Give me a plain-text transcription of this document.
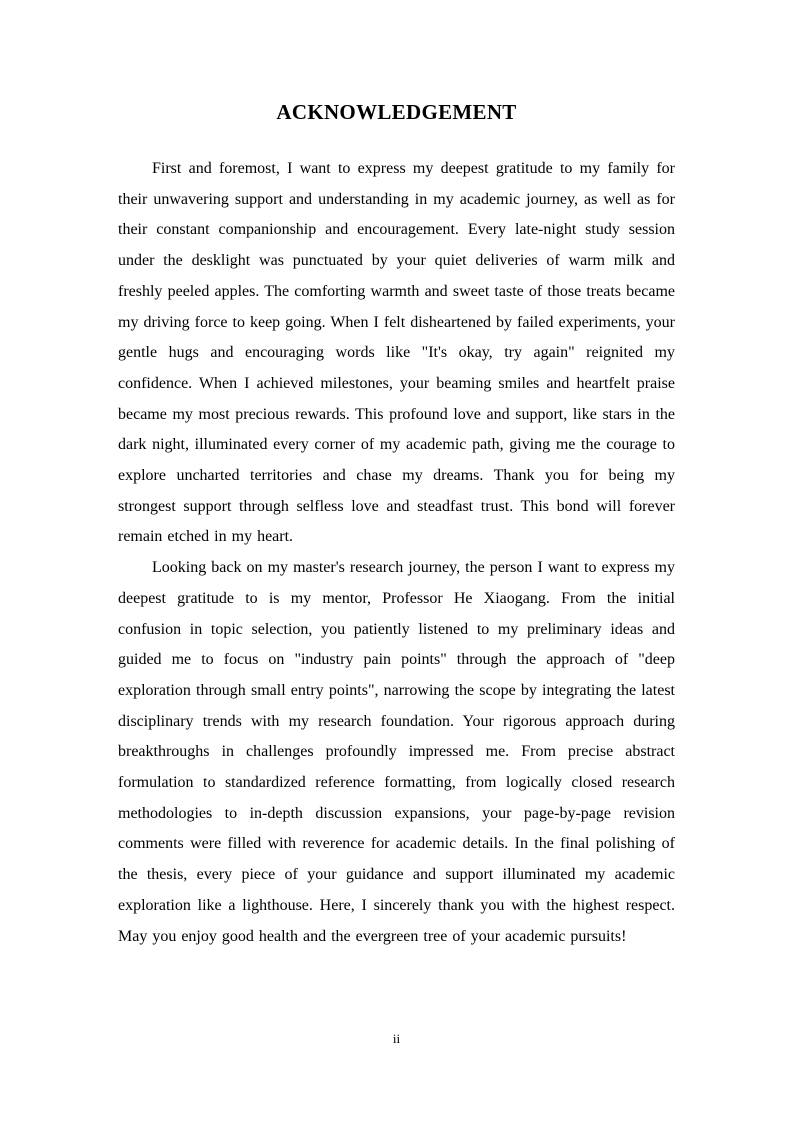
ACKNOWLEDGEMENT

First and foremost, I want to express my deepest gratitude to my family for their unwavering support and understanding in my academic journey, as well as for their constant companionship and encouragement. Every late-night study session under the desklight was punctuated by your quiet deliveries of warm milk and freshly peeled apples. The comforting warmth and sweet taste of those treats became my driving force to keep going. When I felt disheartened by failed experiments, your gentle hugs and encouraging words like "It's okay, try again" reignited my confidence. When I achieved milestones, your beaming smiles and heartfelt praise became my most precious rewards. This profound love and support, like stars in the dark night, illuminated every corner of my academic path, giving me the courage to explore uncharted territories and chase my dreams. Thank you for being my strongest support through selfless love and steadfast trust. This bond will forever remain etched in my heart.

Looking back on my master's research journey, the person I want to express my deepest gratitude to is my mentor, Professor He Xiaogang. From the initial confusion in topic selection, you patiently listened to my preliminary ideas and guided me to focus on "industry pain points" through the approach of "deep exploration through small entry points", narrowing the scope by integrating the latest disciplinary trends with my research foundation. Your rigorous approach during breakthroughs in challenges profoundly impressed me. From precise abstract formulation to standardized reference formatting, from logically closed research methodologies to in-depth discussion expansions, your page-by-page revision comments were filled with reverence for academic details. In the final polishing of the thesis, every piece of your guidance and support illuminated my academic exploration like a lighthouse. Here, I sincerely thank you with the highest respect. May you enjoy good health and the evergreen tree of your academic pursuits!

ii
